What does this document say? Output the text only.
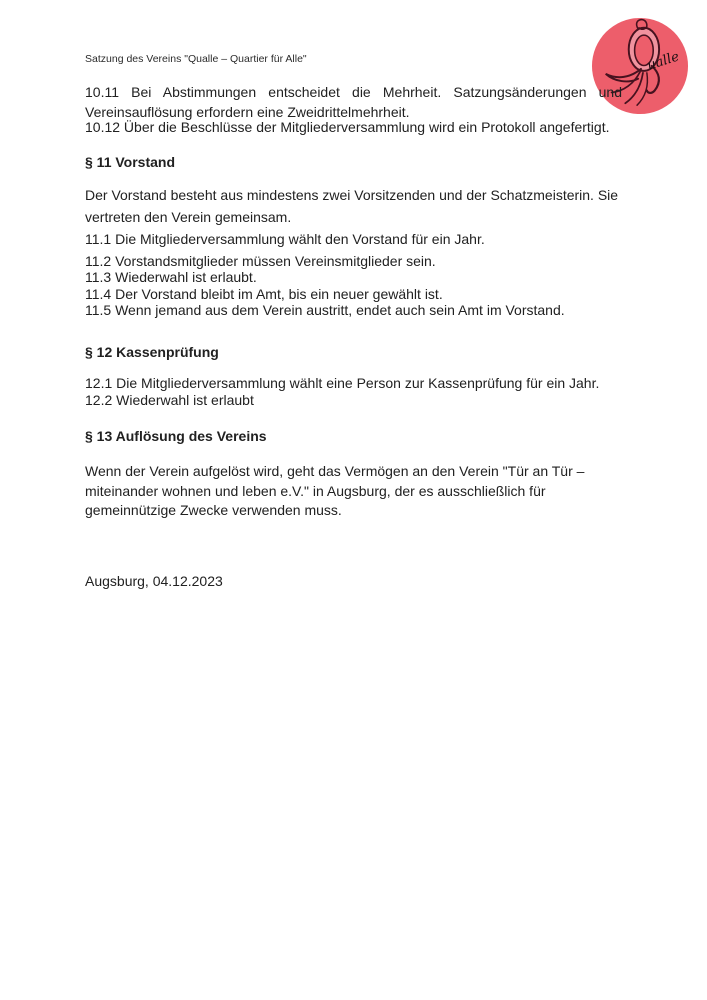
ualle
Satzung des Vereins "Qualle – Quartier für Alle"
10.11 Bei Abstimmungen entscheidet die Mehrheit. Satzungsänderungen und Vereinsauflösung erfordern eine Zweidrittelmehrheit.
10.12 Über die Beschlüsse der Mitgliederversammlung wird ein Protokoll angefertigt.
§ 11 Vorstand
Der Vorstand besteht aus mindestens zwei Vorsitzenden und der Schatzmeisterin. Sie vertreten den Verein gemeinsam.
11.1 Die Mitgliederversammlung wählt den Vorstand für ein Jahr.
11.2 Vorstandsmitglieder müssen Vereinsmitglieder sein.
11.3 Wiederwahl ist erlaubt.
11.4 Der Vorstand bleibt im Amt, bis ein neuer gewählt ist.
11.5 Wenn jemand aus dem Verein austritt, endet auch sein Amt im Vorstand.
§ 12 Kassenprüfung
12.1 Die Mitgliederversammlung wählt eine Person zur Kassenprüfung für ein Jahr.
12.2 Wiederwahl ist erlaubt
§ 13 Auflösung des Vereins
Wenn der Verein aufgelöst wird, geht das Vermögen an den Verein "Tür an Tür – miteinander wohnen und leben e.V." in Augsburg, der es ausschließlich für gemeinnützige Zwecke verwenden muss.
Augsburg, 04.12.2023
